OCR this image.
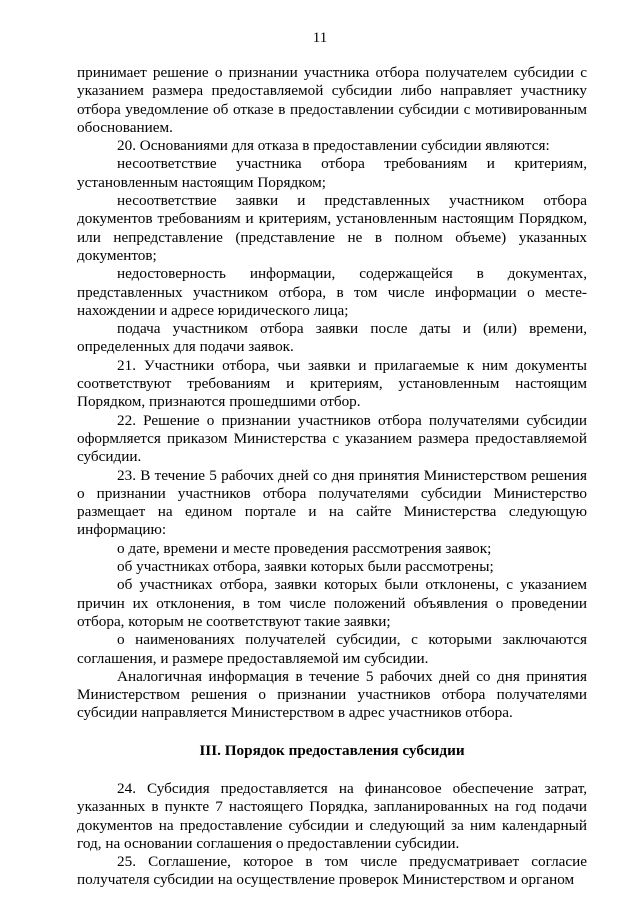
11

принимает решение о признании участника отбора получателем субсидии с указанием размера предоставляемой субсидии либо направляет участнику отбора уведомление об отказе в предоставлении субсидии с мотивированным обоснованием.

20. Основаниями для отказа в предоставлении субсидии являются:

несоответствие участника отбора требованиям и критериям, установленным настоящим Порядком;

несоответствие заявки и представленных участником отбора документов требованиям и критериям, установленным настоящим Порядком, или непредставление (представление не в полном объеме) указанных документов;

недостоверность информации, содержащейся в документах, представленных участником отбора, в том числе информации о месте-нахождении и адресе юридического лица;

подача участником отбора заявки после даты и (или) времени, определенных для подачи заявок.

21. Участники отбора, чьи заявки и прилагаемые к ним документы соответствуют требованиям и критериям, установленным настоящим Порядком, признаются прошедшими отбор.

22. Решение о признании участников отбора получателями субсидии оформляется приказом Министерства с указанием размера предоставляемой субсидии.

23. В течение 5 рабочих дней со дня принятия Министерством решения о признании участников отбора получателями субсидии Министерство размещает на едином портале и на сайте Министерства следующую информацию:

о дате, времени и месте проведения рассмотрения заявок;

об участниках отбора, заявки которых были рассмотрены;

об участниках отбора, заявки которых были отклонены, с указанием причин их отклонения, в том числе положений объявления о проведении отбора, которым не соответствуют такие заявки;

о наименованиях получателей субсидии, с которыми заключаются соглашения, и размере предоставляемой им субсидии.

Аналогичная информация в течение 5 рабочих дней со дня принятия Министерством решения о признании участников отбора получателями субсидии направляется Министерством в адрес участников отбора.

III. Порядок предоставления субсидии

24. Субсидия предоставляется на финансовое обеспечение затрат, указанных в пункте 7 настоящего Порядка, запланированных на год подачи документов на предоставление субсидии и следующий за ним календарный год, на основании соглашения о предоставлении субсидии.

25. Соглашение, которое в том числе предусматривает согласие получателя субсидии на осуществление проверок Министерством и органом
